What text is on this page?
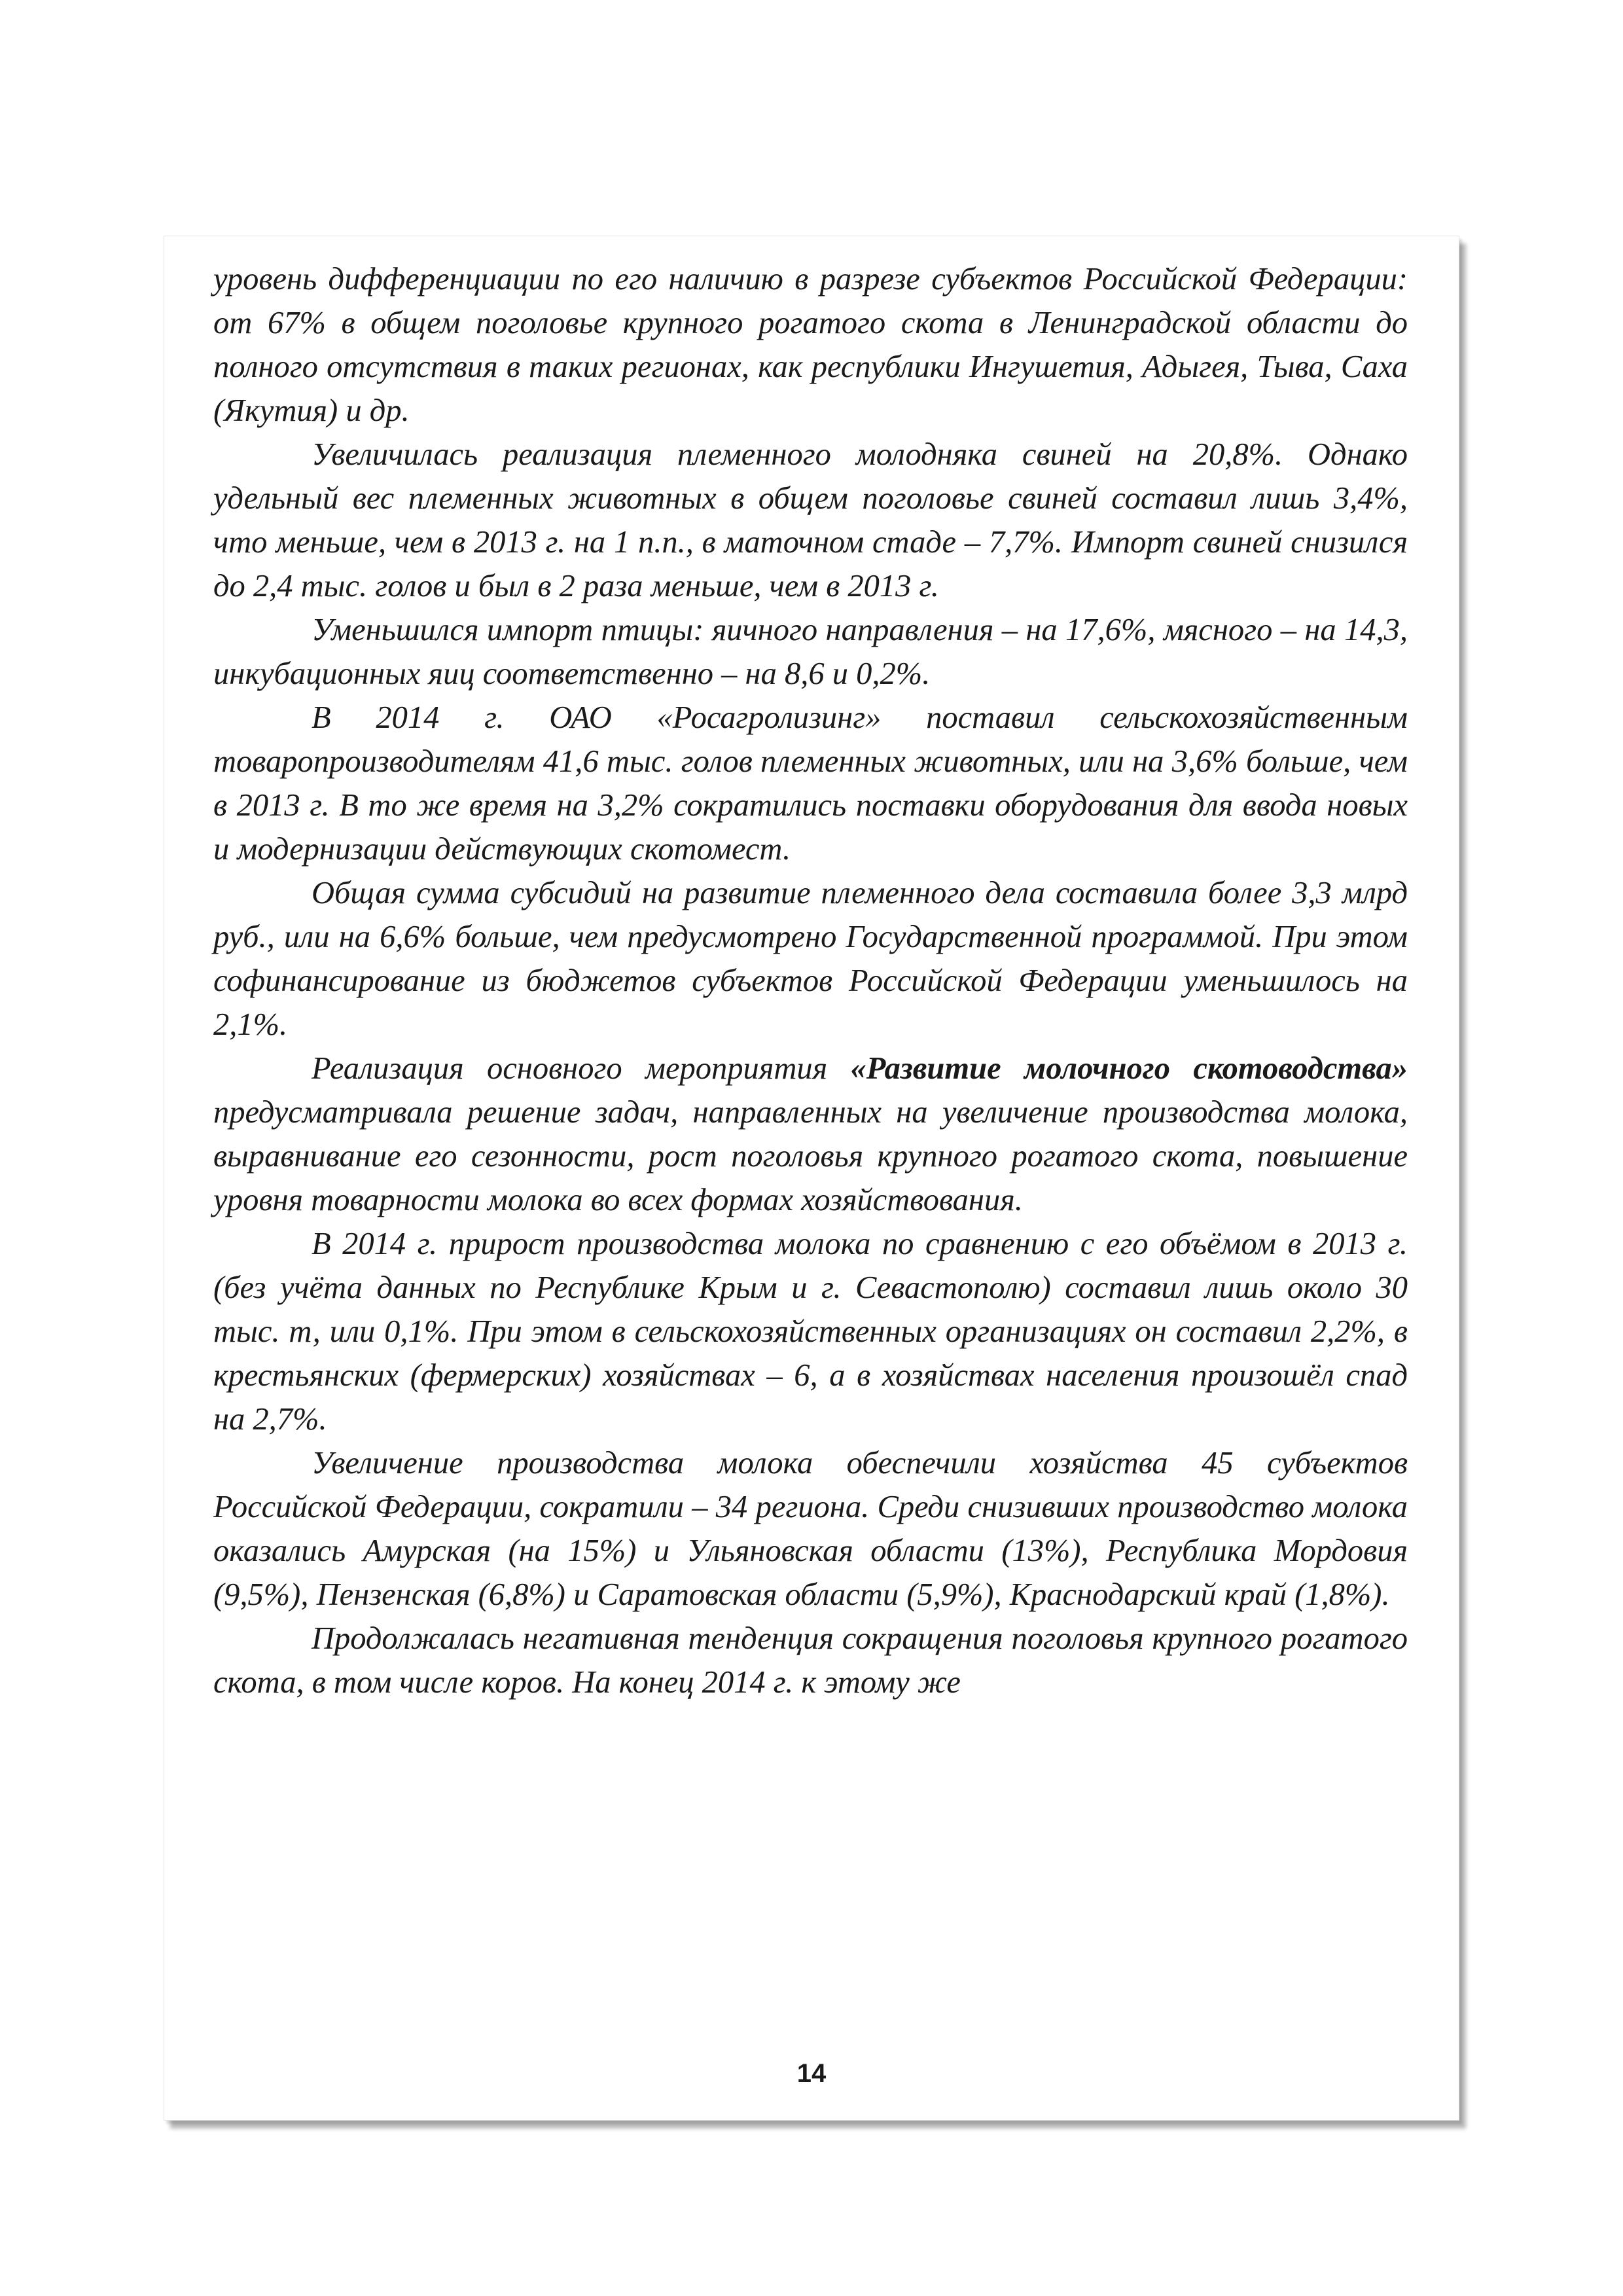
уровень дифференциации по его наличию в разрезе субъектов Российской Федерации: от 67% в общем поголовье крупного рогатого скота в Ленинградской области до полного отсутствия в таких регионах, как республики Ингушетия, Адыгея, Тыва, Саха (Якутия) и др.

Увеличилась реализация племенного молодняка свиней на 20,8%. Однако удельный вес племенных животных в общем поголовье свиней составил лишь 3,4%, что меньше, чем в 2013 г. на 1 п.п., в маточном стаде – 7,7%. Импорт свиней снизился до 2,4 тыс. голов и был в 2 раза меньше, чем в 2013 г.

Уменьшился импорт птицы: яичного направления – на 17,6%, мясного – на 14,3, инкубационных яиц соответственно – на 8,6 и 0,2%.

В 2014 г. ОАО «Росагролизинг» поставил сельскохозяйственным товаропроизводителям 41,6 тыс. голов племенных животных, или на 3,6% больше, чем в 2013 г. В то же время на 3,2% сократились поставки оборудования для ввода новых и модернизации действующих скотомест.

Общая сумма субсидий на развитие племенного дела составила более 3,3 млрд руб., или на 6,6% больше, чем предусмотрено Государственной программой. При этом софинансирование из бюджетов субъектов Российской Федерации уменьшилось на 2,1%.

Реализация основного мероприятия «Развитие молочного скотоводства» предусматривала решение задач, направленных на увеличение производства молока, выравнивание его сезонности, рост поголовья крупного рогатого скота, повышение уровня товарности молока во всех формах хозяйствования.

В 2014 г. прирост производства молока по сравнению с его объёмом в 2013 г. (без учёта данных по Республике Крым и г. Севастополю) составил лишь около 30 тыс. т, или 0,1%. При этом в сельскохозяйственных организациях он составил 2,2%, в крестьянских (фермерских) хозяйствах – 6, а в хозяйствах населения произошёл спад на 2,7%.

Увеличение производства молока обеспечили хозяйства 45 субъектов Российской Федерации, сократили – 34 региона. Среди снизивших производство молока оказались Амурская (на 15%) и Ульяновская области (13%), Республика Мордовия (9,5%), Пензенская (6,8%) и Саратовская области (5,9%), Краснодарский край (1,8%).

Продолжалась негативная тенденция сокращения поголовья крупного рогатого скота, в том числе коров. На конец 2014 г. к этому же

14
